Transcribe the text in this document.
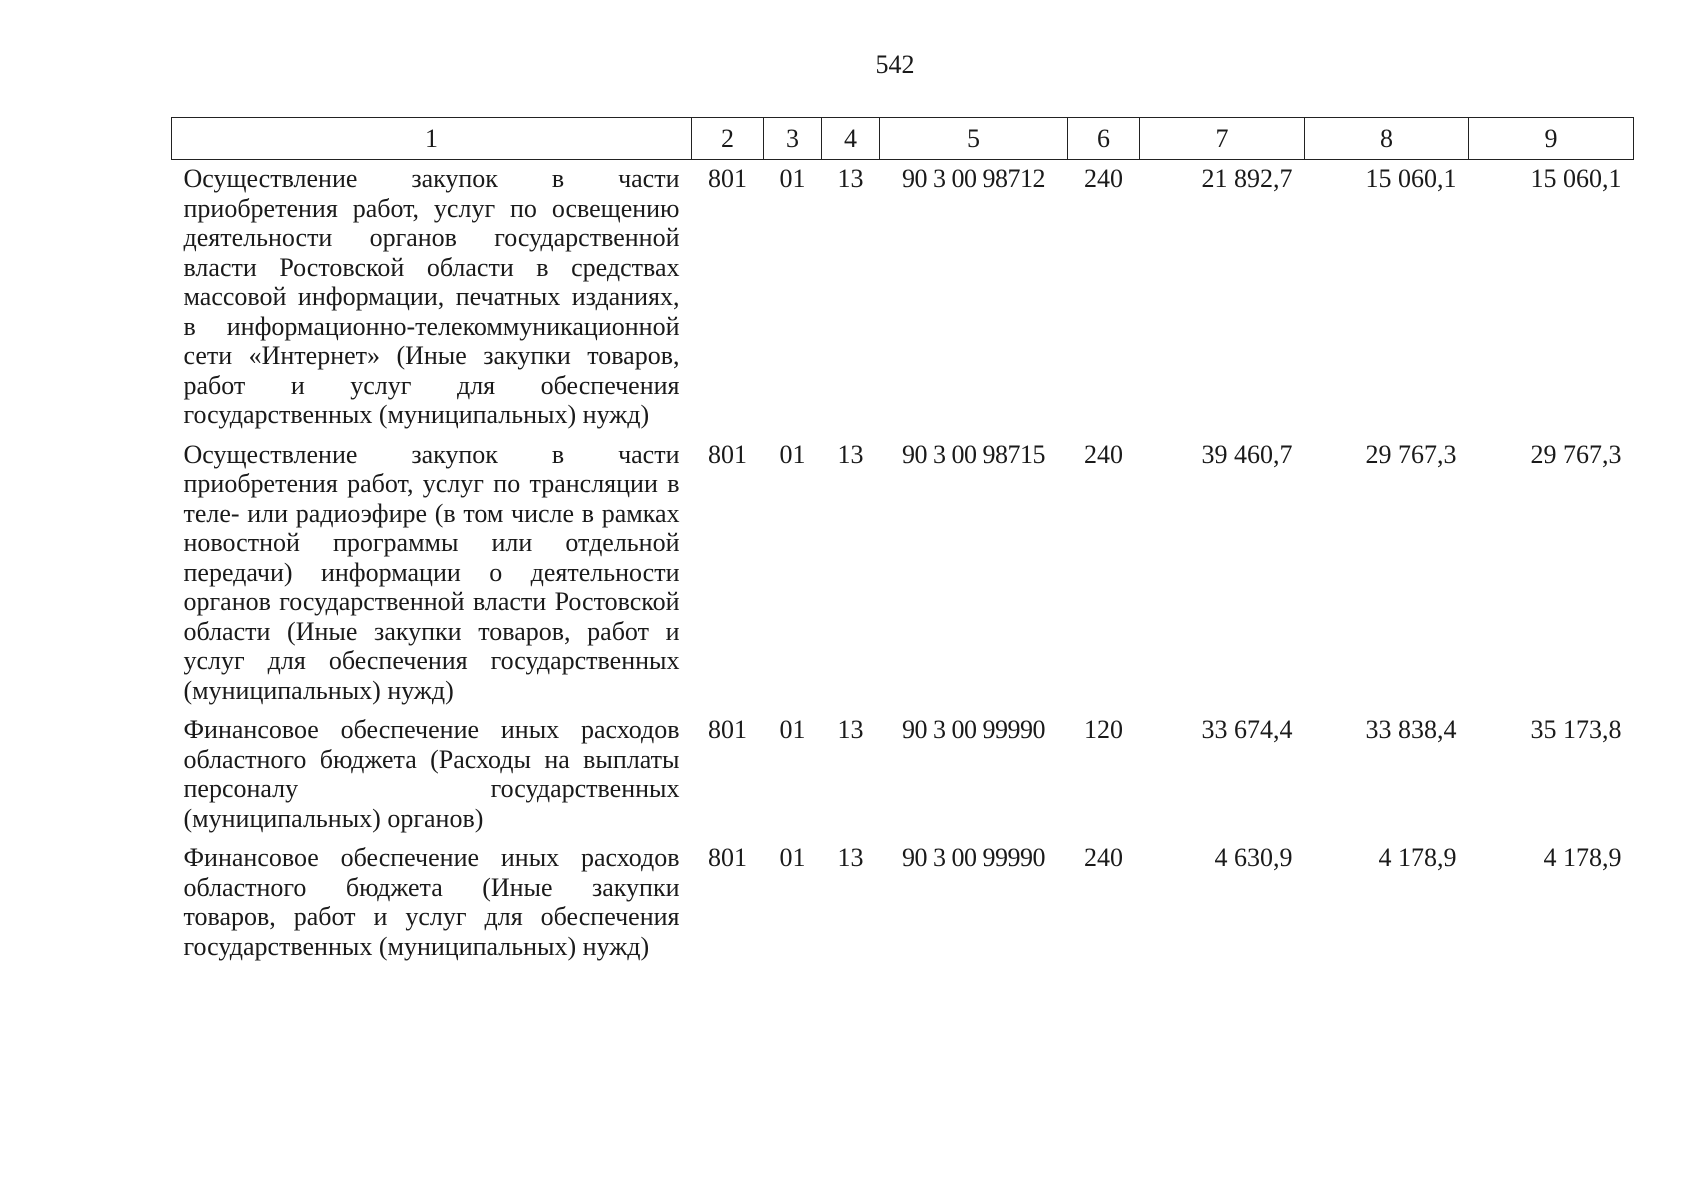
542
1	2	3	4	5	6	7	8	9
Осуществление закупок в части приобретения работ, услуг по освещению деятельности органов государственной власти Ростовской области в средствах массовой информации, печатных изданиях, в информационно-телекоммуникационной сети «Интернет» (Иные закупки товаров, работ и услуг для обеспечения государственных (муниципальных) нужд)	801	01	13	90 3 00 98712	240	21 892,7	15 060,1	15 060,1
Осуществление закупок в части приобретения работ, услуг по трансляции в теле- или радиоэфире (в том числе в рамках новостной программы или отдельной передачи) информации о деятельности органов государственной власти Ростовской области (Иные закупки товаров, работ и услуг для обеспечения государственных (муниципальных) нужд)	801	01	13	90 3 00 98715	240	39 460,7	29 767,3	29 767,3
Финансовое обеспечение иных расходов областного бюджета (Расходы на выплаты персоналу государственных (муниципальных) органов)	801	01	13	90 3 00 99990	120	33 674,4	33 838,4	35 173,8
Финансовое обеспечение иных расходов областного бюджета (Иные закупки товаров, работ и услуг для обеспечения государственных (муниципальных) нужд)	801	01	13	90 3 00 99990	240	4 630,9	4 178,9	4 178,9
